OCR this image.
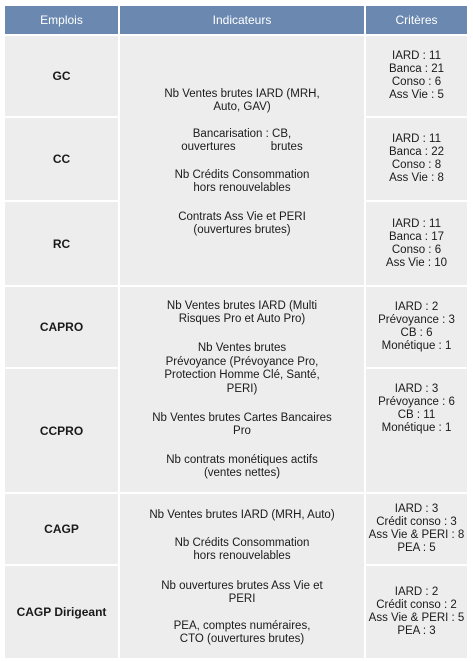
Emplois	Indicateurs	Critères
GC
CC
RC
Nb Ventes brutes IARD (MRH,
Auto, GAV)
Bancarisation : CB,
ouvertures           brutes
Nb Crédits Consommation
hors renouvelables
Contrats Ass Vie et PERI
(ouvertures brutes)
IARD : 11
Banca : 21
Conso : 6
Ass Vie : 5
IARD : 11
Banca : 22
Conso : 8
Ass Vie : 8
IARD : 11
Banca : 17
Conso : 6
Ass Vie : 10
CAPRO
CCPRO
Nb Ventes brutes IARD (Multi
Risques Pro et Auto Pro)
Nb Ventes brutes
Prévoyance (Prévoyance Pro,
Protection Homme Clé, Santé,
PERI)
Nb Ventes brutes Cartes Bancaires
Pro
Nb contrats monétiques actifs
(ventes nettes)
IARD : 2
Prévoyance : 3
CB : 6
Monétique : 1
IARD : 3
Prévoyance : 6
CB : 11
Monétique : 1
CAGP
CAGP Dirigeant
Nb Ventes brutes IARD (MRH, Auto)
Nb Crédits Consommation
hors renouvelables
Nb ouvertures brutes Ass Vie et
PERI
PEA, comptes numéraires,
CTO (ouvertures brutes)
IARD : 3
Crédit conso : 3
Ass Vie & PERI : 8
PEA : 5
IARD : 2
Crédit conso : 2
Ass Vie & PERI : 5
PEA : 3
